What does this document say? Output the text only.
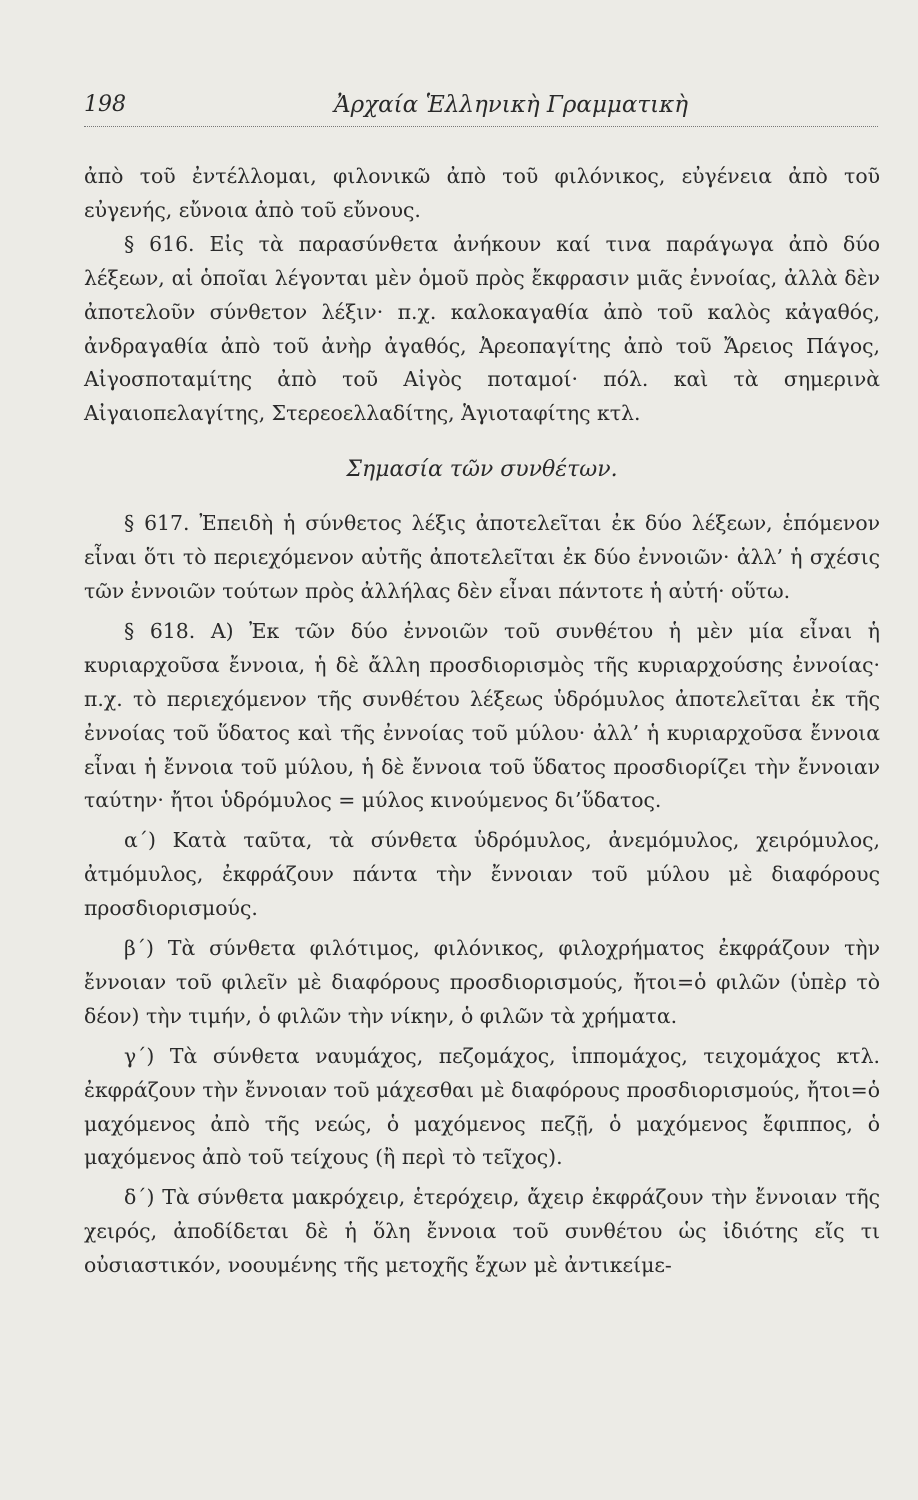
198	Ἀρχαία Ἑλληνικὴ Γραμματικὴ

ἀπὸ τοῦ ἐντέλλομαι, φιλονικῶ ἀπὸ τοῦ φιλόνικος, εὐγένεια ἀπὸ τοῦ εὐγενής, εὔνοια ἀπὸ τοῦ εὔνους.

§ 616. Εἰς τὰ παρασύνθετα ἀνήκουν καί τινα παράγωγα ἀπὸ δύο λέξεων, αἱ ὁποῖαι λέγονται μὲν ὁμοῦ πρὸς ἔκφρασιν μιᾶς ἐννοίας, ἀλλὰ δὲν ἀποτελοῦν σύνθετον λέξιν· π.χ. καλοκαγαθία ἀπὸ τοῦ καλὸς κἀγαθός, ἀνδραγαθία ἀπὸ τοῦ ἀνὴρ ἀγαθός, Ἀρεοπαγίτης ἀπὸ τοῦ Ἄρειος Πάγος, Αἰγοσποταμίτης ἀπὸ τοῦ Αἰγὸς ποταμοί· πόλ. καὶ τὰ σημερινὰ Αἰγαιοπελαγίτης, Στερεοελλαδίτης, Ἁγιοταφίτης κτλ.

Σημασία τῶν συνθέτων.

§ 617. Ἐπειδὴ ἡ σύνθετος λέξις ἀποτελεῖται ἐκ δύο λέξεων, ἑπόμενον εἶναι ὅτι τὸ περιεχόμενον αὐτῆς ἀποτελεῖται ἐκ δύο ἐννοιῶν· ἀλλ’ ἡ σχέσις τῶν ἐννοιῶν τούτων πρὸς ἀλλήλας δὲν εἶναι πάντοτε ἡ αὐτή· οὕτω.

§ 618. Α) Ἐκ τῶν δύο ἐννοιῶν τοῦ συνθέτου ἡ μὲν μία εἶναι ἡ κυριαρχοῦσα ἔννοια, ἡ δὲ ἄλλη προσδιορισμὸς τῆς κυριαρχούσης ἐννοίας· π.χ. τὸ περιεχόμενον τῆς συνθέτου λέξεως ὑδρόμυλος ἀποτελεῖται ἐκ τῆς ἐννοίας τοῦ ὕδατος καὶ τῆς ἐννοίας τοῦ μύλου· ἀλλ’ ἡ κυριαρχοῦσα ἔννοια εἶναι ἡ ἔννοια τοῦ μύλου, ἡ δὲ ἔννοια τοῦ ὕδατος προσδιορίζει τὴν ἔννοιαν ταύτην· ἤτοι ὑδρόμυλος = μύλος κινούμενος δι’ὕδατος.

α΄) Κατὰ ταῦτα, τὰ σύνθετα ὑδρόμυλος, ἀνεμόμυλος, χειρόμυλος, ἀτμόμυλος, ἐκφράζουν πάντα τὴν ἔννοιαν τοῦ μύλου μὲ διαφόρους προσδιορισμούς.

β΄) Τὰ σύνθετα φιλότιμος, φιλόνικος, φιλοχρήματος ἐκφράζουν τὴν ἔννοιαν τοῦ φιλεῖν μὲ διαφόρους προσδιορισμούς, ἤτοι=ὁ φιλῶν (ὑπὲρ τὸ δέον) τὴν τιμήν, ὁ φιλῶν τὴν νίκην, ὁ φιλῶν τὰ χρήματα.

γ΄) Τὰ σύνθετα ναυμάχος, πεζομάχος, ἱππομάχος, τειχομάχος κτλ. ἐκφράζουν τὴν ἔννοιαν τοῦ μάχεσθαι μὲ διαφόρους προσδιορισμούς, ἤτοι=ὁ μαχόμενος ἀπὸ τῆς νεώς, ὁ μαχόμενος πεζῇ, ὁ μαχόμενος ἔφιππος, ὁ μαχόμενος ἀπὸ τοῦ τείχους (ἢ περὶ τὸ τεῖχος).

δ΄) Τὰ σύνθετα μακρόχειρ, ἑτερόχειρ, ἄχειρ ἐκφράζουν τὴν ἔννοιαν τῆς χειρός, ἀποδίδεται δὲ ἡ ὅλη ἔννοια τοῦ συνθέτου ὡς ἰδιότης εἴς τι οὐσιαστικόν, νοουμένης τῆς μετοχῆς ἔχων μὲ ἀντικείμε-
